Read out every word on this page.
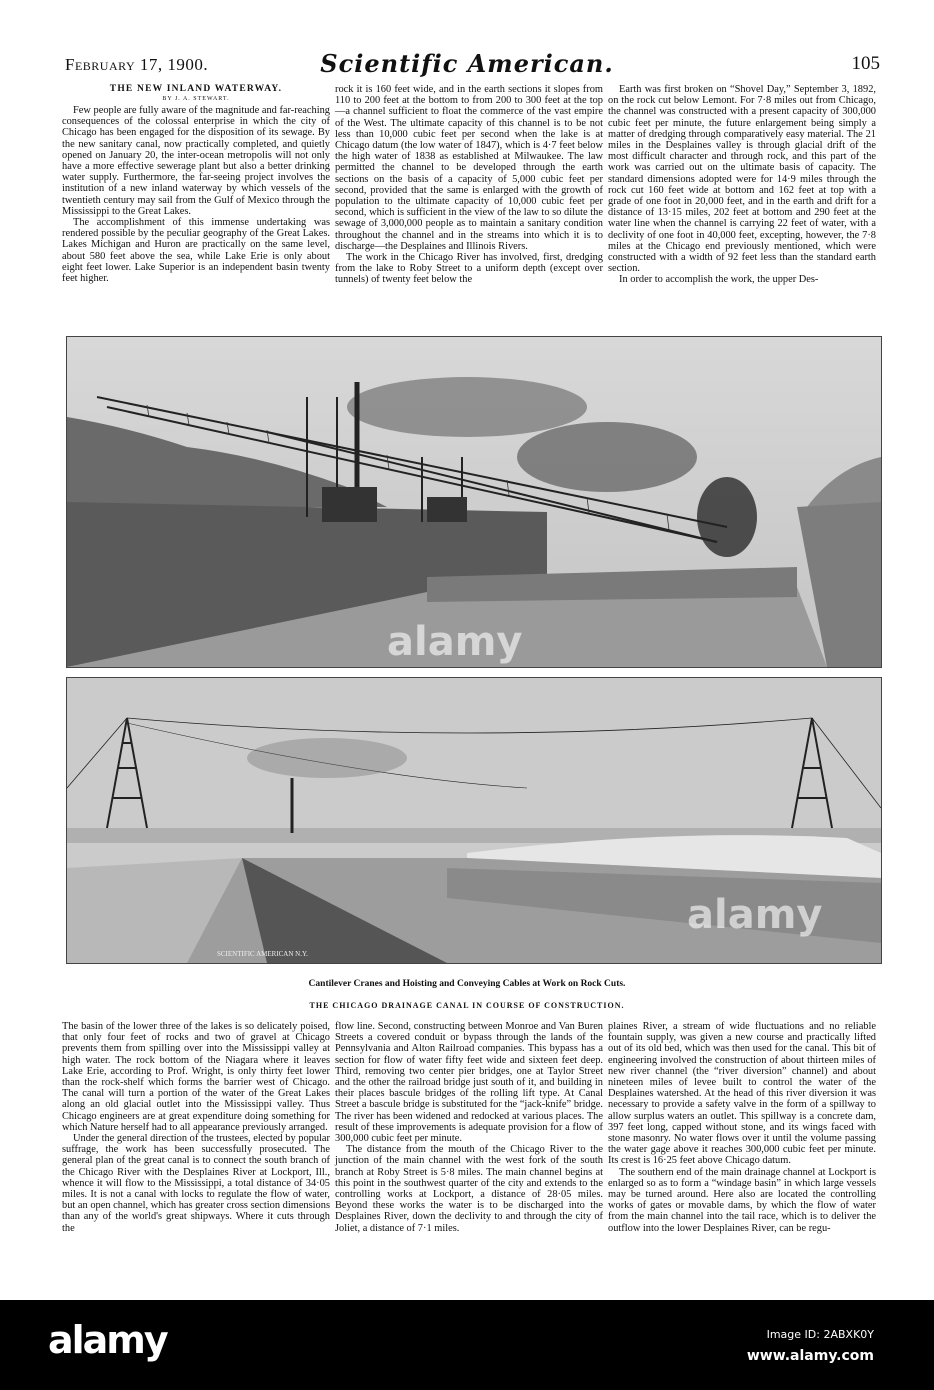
February 17, 1900.	Scientific American.	105
THE NEW INLAND WATERWAY.
BY J. A. STEWART.

Few people are fully aware of the magnitude and far-reaching consequences of the colossal enterprise in which the city of Chicago has been engaged for the disposition of its sewage. By the new sanitary canal, now practically completed, and quietly opened on January 20, the inter-ocean metropolis will not only have a more effective sewerage plant but also a better drinking water supply. Furthermore, the far-seeing project involves the institution of a new inland waterway by which vessels of the twentieth century may sail from the Gulf of Mexico through the Mississippi to the Great Lakes.

The accomplishment of this immense undertaking was rendered possible by the peculiar geography of the Great Lakes. Lakes Michigan and Huron are practically on the same level, about 580 feet above the sea, while Lake Erie is only about eight feet lower. Lake Superior is an independent basin twenty feet higher.

rock it is 160 feet wide, and in the earth sections it slopes from 110 to 200 feet at the bottom to from 200 to 300 feet at the top—a channel sufficient to float the commerce of the vast empire of the West. The ultimate capacity of this channel is to be not less than 10,000 cubic feet per second when the lake is at Chicago datum (the low water of 1847), which is 4·7 feet below the high water of 1838 as established at Milwaukee. The law permitted the channel to be developed through the earth sections on the basis of a capacity of 5,000 cubic feet per second, provided that the same is enlarged with the growth of population to the ultimate capacity of 10,000 cubic feet per second, which is sufficient in the view of the law to so dilute the sewage of 3,000,000 people as to maintain a sanitary condition throughout the channel and in the streams into which it is to discharge—the Desplaines and Illinois Rivers.

The work in the Chicago River has involved, first, dredging from the lake to Roby Street to a uniform depth (except over tunnels) of twenty feet below the

Earth was first broken on “Shovel Day,” September 3, 1892, on the rock cut below Lemont. For 7·8 miles out from Chicago, the channel was constructed with a present capacity of 300,000 cubic feet per minute, the future enlargement being simply a matter of dredging through comparatively easy material. The 21 miles in the Desplaines valley is through glacial drift of the most difficult character and through rock, and this part of the work was carried out on the ultimate basis of capacity. The standard dimensions adopted were for 14·9 miles through the rock cut 160 feet wide at bottom and 162 feet at top with a grade of one foot in 20,000 feet, and in the earth and drift for a distance of 13·15 miles, 202 feet at bottom and 290 feet at the water line when the channel is carrying 22 feet of water, with a declivity of one foot in 40,000 feet, excepting, however, the 7·8 miles at the Chicago end previously mentioned, which were constructed with a width of 92 feet less than the standard earth section.

In order to accomplish the work, the upper Des-

alamy
SCIENTIFIC AMERICAN N.Y.
alamy
Cantilever Cranes and Hoisting and Conveying Cables at Work on Rock Cuts.
THE CHICAGO DRAINAGE CANAL IN COURSE OF CONSTRUCTION.

The basin of the lower three of the lakes is so delicately poised, that only four feet of rocks and two of gravel at Chicago prevents them from spilling over into the Mississippi valley at high water. The rock bottom of the Niagara where it leaves Lake Erie, according to Prof. Wright, is only thirty feet lower than the rock-shelf which forms the barrier west of Chicago. The canal will turn a portion of the water of the Great Lakes along an old glacial outlet into the Mississippi valley. Thus Chicago engineers are at great expenditure doing something for which Nature herself had to all appearance previously arranged.

Under the general direction of the trustees, elected by popular suffrage, the work has been successfully prosecuted. The general plan of the great canal is to connect the south branch of the Chicago River with the Desplaines River at Lockport, Ill., whence it will flow to the Mississippi, a total distance of 34·05 miles. It is not a canal with locks to regulate the flow of water, but an open channel, which has greater cross section dimensions than any of the world's great shipways. Where it cuts through the

flow line. Second, constructing between Monroe and Van Buren Streets a covered conduit or bypass through the lands of the Pennsylvania and Alton Railroad companies. This bypass has a section for flow of water fifty feet wide and sixteen feet deep. Third, removing two center pier bridges, one at Taylor Street and the other the railroad bridge just south of it, and building in their places bascule bridges of the rolling lift type. At Canal Street a bascule bridge is substituted for the “jack-knife” bridge. The river has been widened and redocked at various places. The result of these improvements is adequate provision for a flow of 300,000 cubic feet per minute.

The distance from the mouth of the Chicago River to the junction of the main channel with the west fork of the south branch at Roby Street is 5·8 miles. The main channel begins at this point in the southwest quarter of the city and extends to the controlling works at Lockport, a distance of 28·05 miles. Beyond these works the water is to be discharged into the Desplaines River, down the declivity to and through the city of Joliet, a distance of 7·1 miles.

plaines River, a stream of wide fluctuations and no reliable fountain supply, was given a new course and practically lifted out of its old bed, which was then used for the canal. This bit of engineering involved the construction of about thirteen miles of new river channel (the “river diversion” channel) and about nineteen miles of levee built to control the water of the Desplaines watershed. At the head of this river diversion it was necessary to provide a safety valve in the form of a spillway to allow surplus waters an outlet. This spillway is a concrete dam, 397 feet long, capped without stone, and its wings faced with stone masonry. No water flows over it until the volume passing the water gage above it reaches 300,000 cubic feet per minute. Its crest is 16·25 feet above Chicago datum.

The southern end of the main drainage channel at Lockport is enlarged so as to form a “windage basin” in which large vessels may be turned around. Here also are located the controlling works of gates or movable dams, by which the flow of water from the main channel into the tail race, which is to deliver the outflow into the lower Desplaines River, can be regu-

alamy	Image ID: 2ABXK0Y
www.alamy.com
